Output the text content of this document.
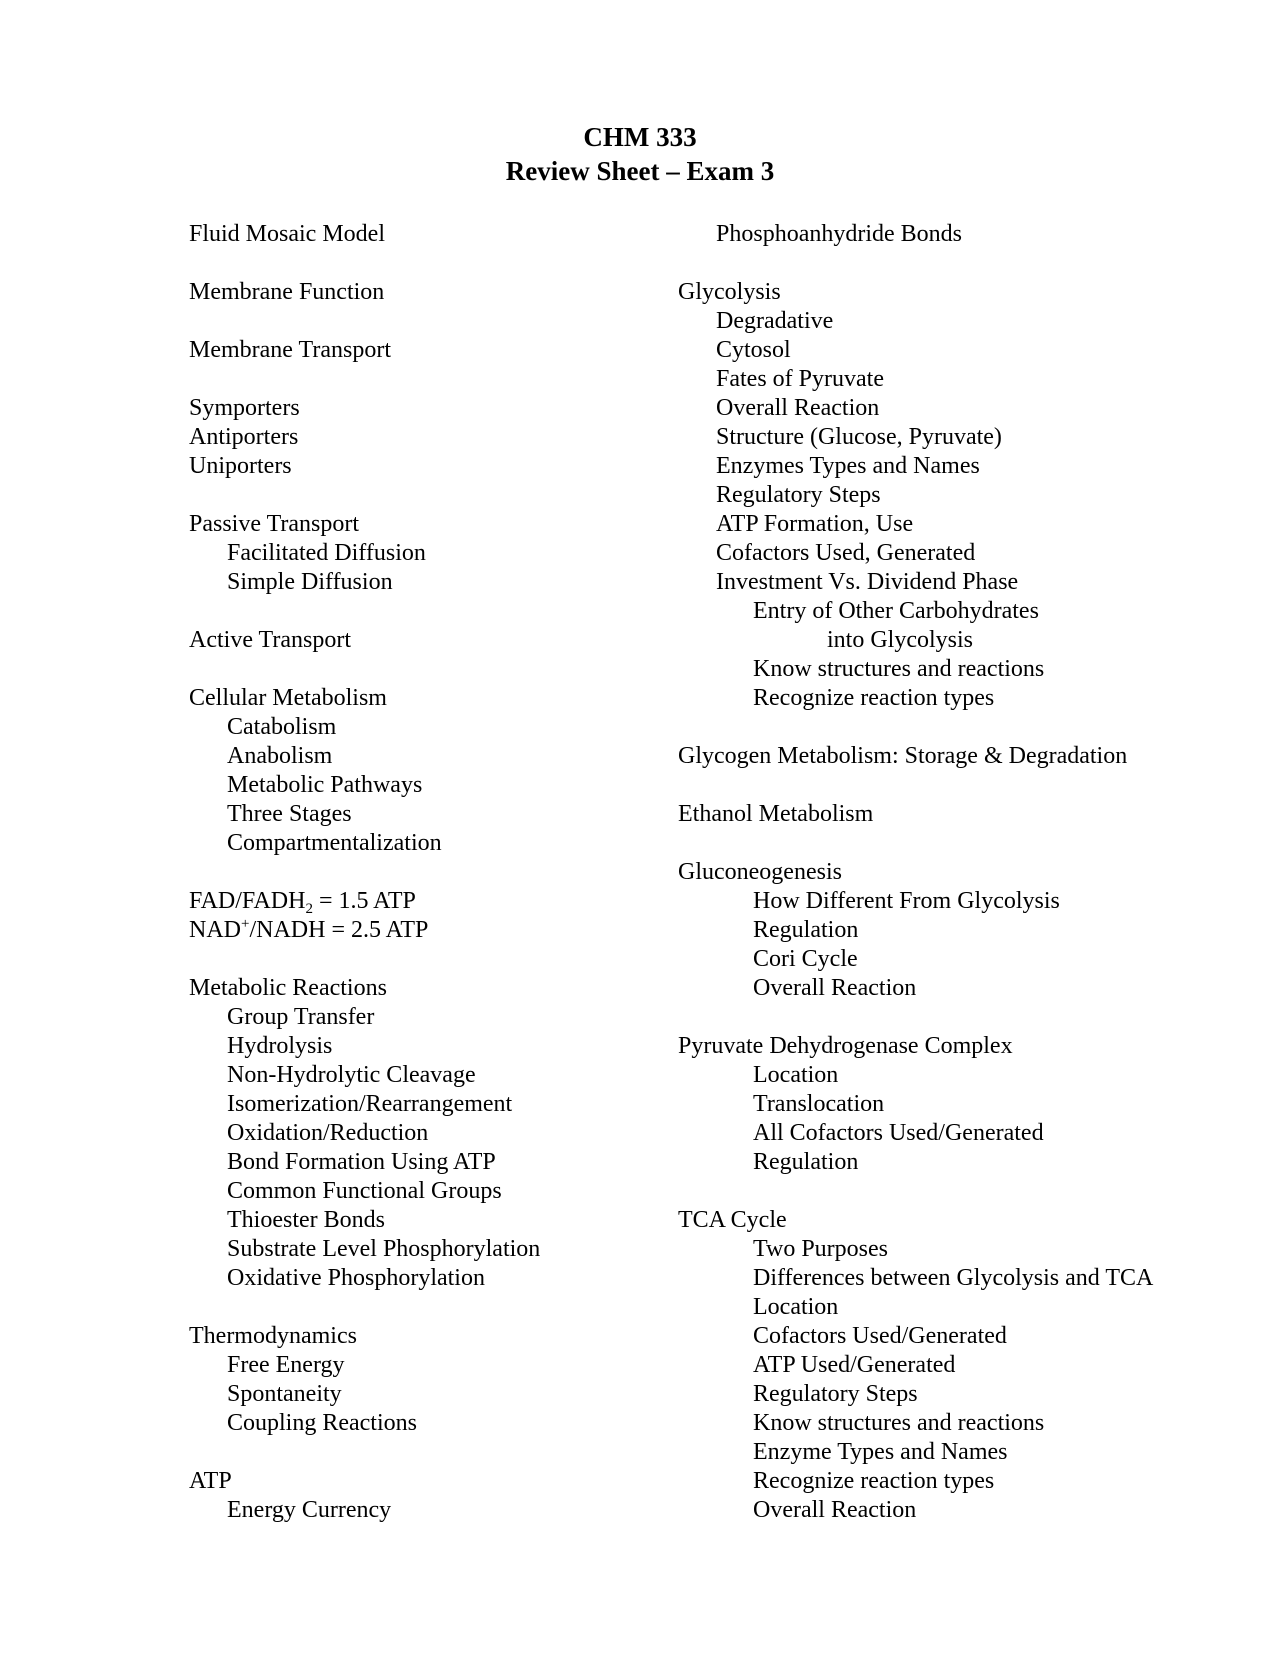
CHM 333
Review Sheet – Exam 3

Fluid Mosaic Model

Membrane Function

Membrane Transport

Symporters

Antiporters

Uniporters

Passive Transport

Facilitated Diffusion

Simple Diffusion

Active Transport

Cellular Metabolism

Catabolism

Anabolism

Metabolic Pathways

Three Stages

Compartmentalization

FAD/$FADH_2 = 1.5$ ATP

NAD+/NADH = 2.5 ATP

Metabolic Reactions

Group Transfer

Hydrolysis

Non-Hydrolytic Cleavage

Isomerization/Rearrangement

Oxidation/Reduction

Bond Formation Using ATP

Common Functional Groups

Thioester Bonds

Substrate Level Phosphorylation

Oxidative Phosphorylation

Thermodynamics

Free Energy

Spontaneity

Coupling Reactions

ATP

Energy Currency

Phosphoanhydride Bonds

Glycolysis

Degradative

Cytosol

Fates of Pyruvate

Overall Reaction

Structure (Glucose, Pyruvate)

Enzymes Types and Names

Regulatory Steps

ATP Formation, Use

Cofactors Used, Generated

Investment Vs. Dividend Phase

Entry of Other Carbohydrates

into Glycolysis

Know structures and reactions

Recognize reaction types

Glycogen Metabolism: Storage & Degradation

Ethanol Metabolism

Gluconeogenesis

How Different From Glycolysis

Regulation

Cori Cycle

Overall Reaction

Pyruvate Dehydrogenase Complex

Location

Translocation

All Cofactors Used/Generated

Regulation

TCA Cycle

Two Purposes

Differences between Glycolysis and TCA

Location

Cofactors Used/Generated

ATP Used/Generated

Regulatory Steps

Know structures and reactions

Enzyme Types and Names

Recognize reaction types

Overall Reaction
